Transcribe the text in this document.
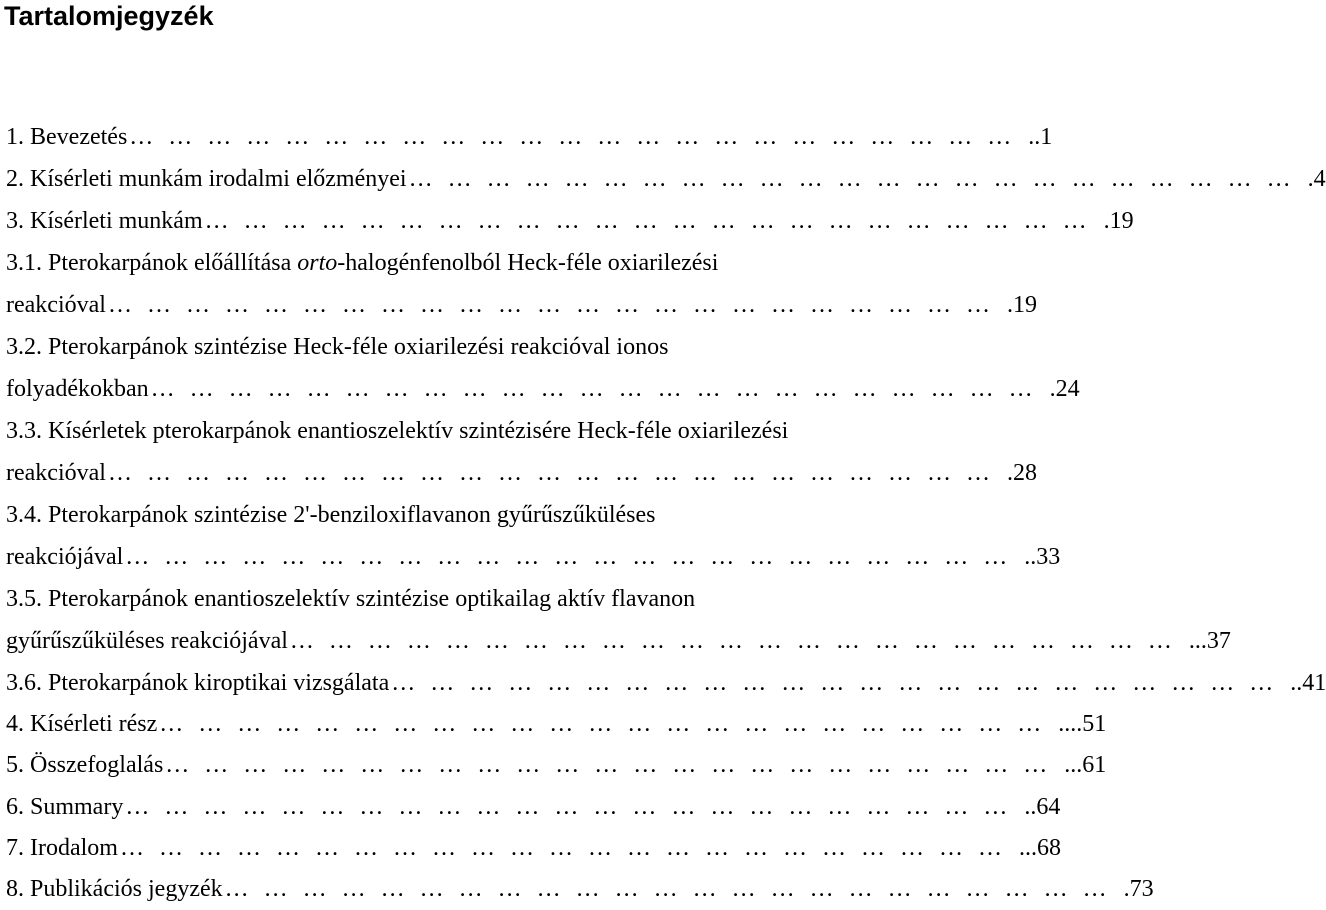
Tartalomjegyzék
1. Bevezetés …………………………………………………………… ..1
2. Kísérleti munkám irodalmi előzményei …………………………………………………………… .4
3. Kísérleti munkám …………………………………………………………… .19
3.1. Pterokarpánok előállítása orto-halogénfenolból Heck-féle oxiarilezési
reakcióval …………………………………………………………… .19
3.2. Pterokarpánok szintézise Heck-féle oxiarilezési reakcióval ionos
folyadékokban …………………………………………………………… .24
3.3. Kísérletek pterokarpánok enantioszelektív szintézisére Heck-féle oxiarilezési
reakcióval …………………………………………………………… .28
3.4. Pterokarpánok szintézise 2'-benziloxiflavanon gyűrűszűküléses
reakciójával …………………………………………………………… ..33
3.5. Pterokarpánok enantioszelektív szintézise optikailag aktív flavanon
gyűrűszűküléses reakciójával …………………………………………………………… ...37
3.6. Pterokarpánok kiroptikai vizsgálata …………………………………………………………… ..41
4. Kísérleti rész …………………………………………………………… ....51
5. Összefoglalás …………………………………………………………… ...61
6. Summary …………………………………………………………… ..64
7. Irodalom …………………………………………………………… ...68
8. Publikációs jegyzék …………………………………………………………… .73
